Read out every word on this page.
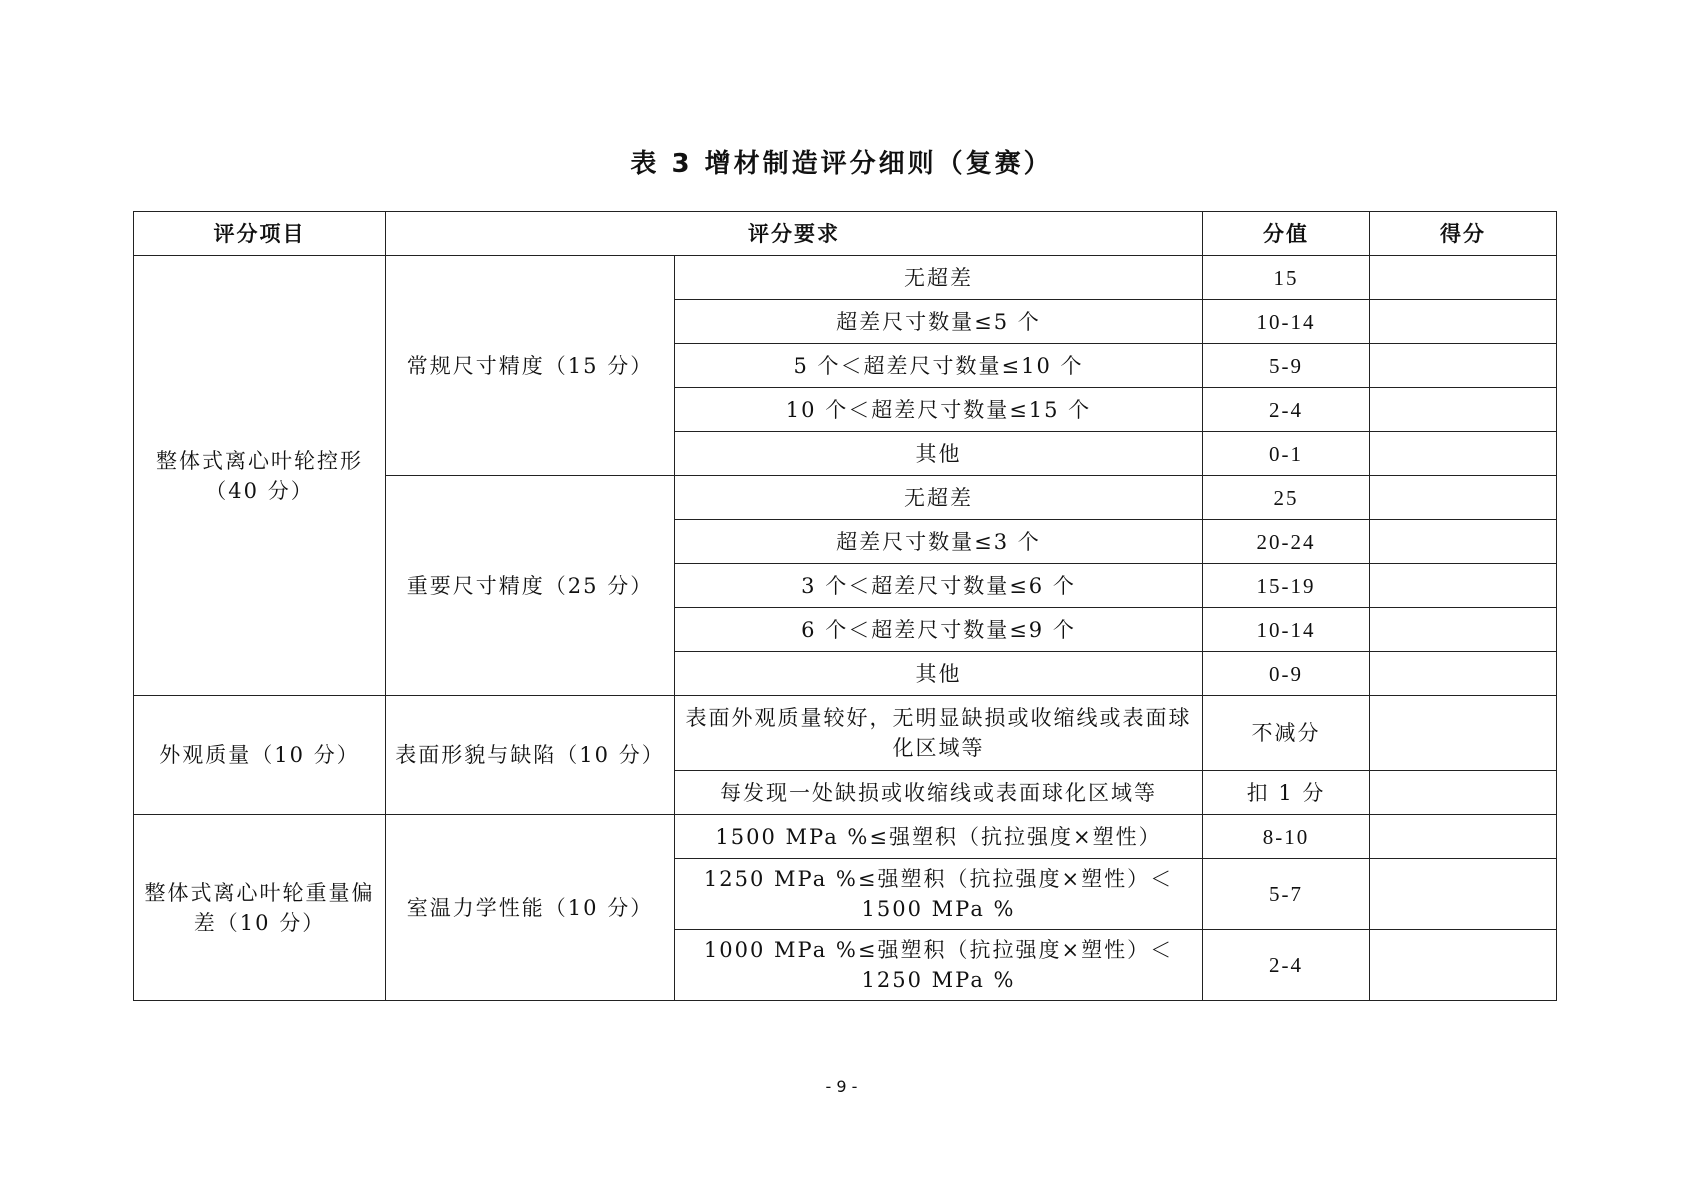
表 3 增材制造评分细则（复赛）
评分项目	评分要求		分值	得分
整体式离心叶轮控形（40 分）	常规尺寸精度（15 分）	无超差	15	
		超差尺寸数量≤5 个	10-14	
		5 个＜超差尺寸数量≤10 个	5-9	
		10 个＜超差尺寸数量≤15 个	2-4	
		其他	0-1	
	重要尺寸精度（25 分）	无超差	25	
		超差尺寸数量≤3 个	20-24	
		3 个＜超差尺寸数量≤6 个	15-19	
		6 个＜超差尺寸数量≤9 个	10-14	
		其他	0-9	
外观质量（10 分）	表面形貌与缺陷（10 分）	表面外观质量较好，无明显缺损或收缩线或表面球化区域等	不减分	
		每发现一处缺损或收缩线或表面球化区域等	扣 1 分	
整体式离心叶轮重量偏差（10 分）	室温力学性能（10 分）	1500 MPa %≤强塑积（抗拉强度×塑性）	8-10	
		1250 MPa %≤强塑积（抗拉强度×塑性）＜1500 MPa %	5-7	
		1000 MPa %≤强塑积（抗拉强度×塑性）＜1250 MPa %	2-4	
- 9 -
